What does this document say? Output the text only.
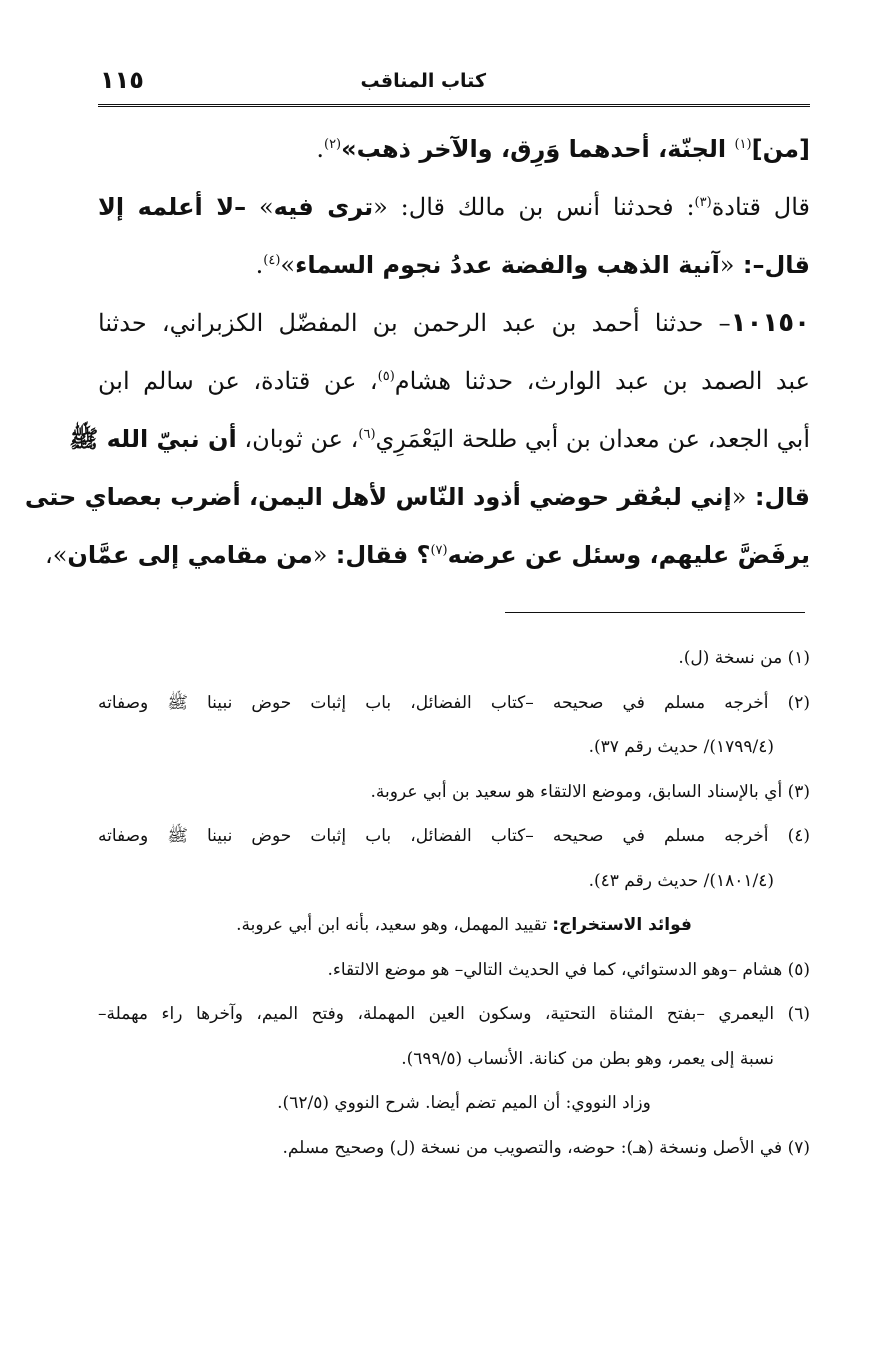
كتاب المناقب
١١٥
[من]$^{(١)}$ الجنّة، أحدهما وَرِق، والآخر ذهب»$^{(٢)}$.
قال قتادة$^{(٣)}$: فحدثنا أنس بن مالك قال: «ترى فيه» –لا أعلمه إلا
قال–: «آنية الذهب والفضة عددُ نجوم السماء»$^{(٤)}$.
١٠١٥٠– حدثنا أحمد بن عبد الرحمن بن المفضّل الكزبراني، حدثنا
عبد الصمد بن عبد الوارث، حدثنا هشام$^{(٥)}$، عن قتادة، عن سالم ابن
أبي الجعد، عن معدان بن أبي طلحة اليَعْمَرِي$^{(٦)}$، عن ثوبان، أن نبيّ الله ﷺ
قال: «إني لبعُقر حوضي أذود النّاس لأهل اليمن، أضرب بعصاي حتى
يرفَضَّ عليهم، وسئل عن عرضه$^{(٧)}$؟ فقال: «من مقامي إلى عمَّان»،
(١) من نسخة (ل).
(٢) أخرجه مسلم في صحيحه –كتاب الفضائل، باب إثبات حوض نبينا ﷺ وصفاته
(١٧٩٩/٤)/ حديث رقم ٣٧).
(٣) أي بالإسناد السابق، وموضع الالتقاء هو سعيد بن أبي عروبة.
(٤) أخرجه مسلم في صحيحه –كتاب الفضائل، باب إثبات حوض نبينا ﷺ وصفاته
(١٨٠١/٤)/ حديث رقم ٤٣).
فوائد الاستخراج: تقييد المهمل، وهو سعيد، بأنه ابن أبي عروبة.
(٥) هشام –وهو الدستوائي، كما في الحديث التالي– هو موضع الالتقاء.
(٦) اليعمري –بفتح المثناة التحتية، وسكون العين المهملة، وفتح الميم، وآخرها راء مهملة–
نسبة إلى يعمر، وهو بطن من كنانة. الأنساب (٦٩٩/٥).
وزاد النووي: أن الميم تضم أيضا. شرح النووي (٦٢/٥).
(٧) في الأصل ونسخة (هـ): حوضه، والتصويب من نسخة (ل) وصحيح مسلم.
